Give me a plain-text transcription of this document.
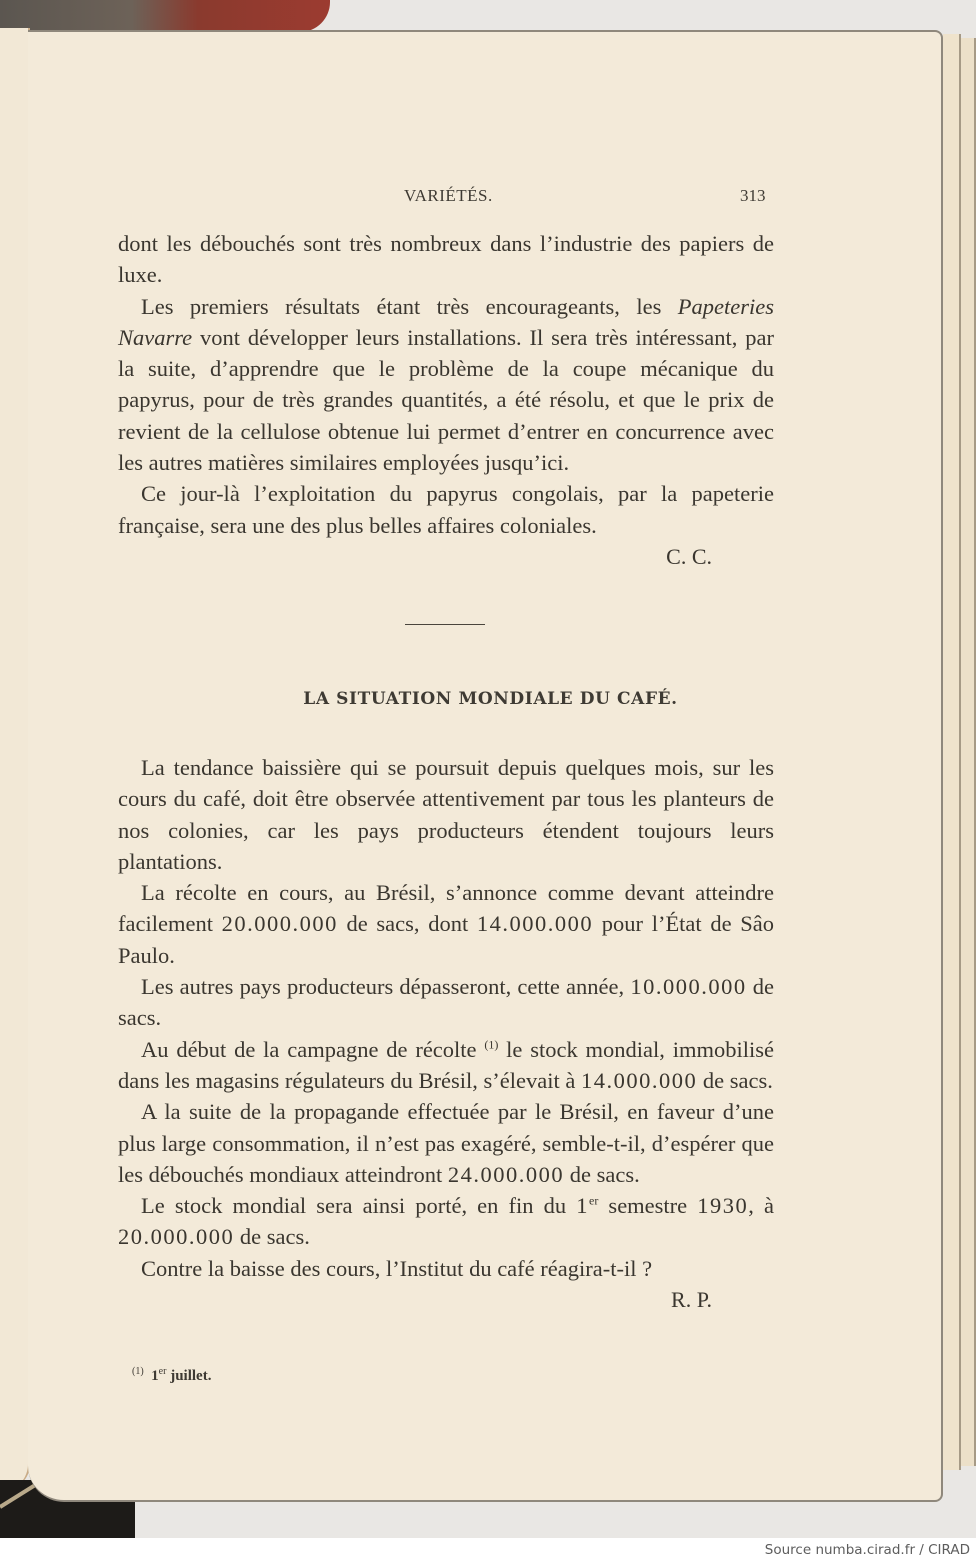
VARIÉTÉS.	313

dont les débouchés sont très nombreux dans l’industrie des papiers de luxe.

Les premiers résultats étant très encourageants, les Papeteries Navarre vont développer leurs installations. Il sera très intéressant, par la suite, d’apprendre que le problème de la coupe mécanique du papyrus, pour de très grandes quantités, a été résolu, et que le prix de revient de la cellulose obtenue lui permet d’entrer en concurrence avec les autres matières similaires employées jusqu’ici.

Ce jour-là l’exploitation du papyrus congolais, par la papeterie française, sera une des plus belles affaires coloniales.

C. C.
LA SITUATION MONDIALE DU CAFÉ.

La tendance baissière qui se poursuit depuis quelques mois, sur les cours du café, doit être observée attentivement par tous les planteurs de nos colonies, car les pays producteurs étendent toujours leurs plantations.

La récolte en cours, au Brésil, s’annonce comme devant atteindre facilement 20.000.000 de sacs, dont 14.000.000 pour l’État de Sâo Paulo.

Les autres pays producteurs dépasseront, cette année, 10.000.000 de sacs.

Au début de la campagne de récolte $^{(1)}$ le stock mondial, immobilisé dans les magasins régulateurs du Brésil, s’élevait à 14.000.000 de sacs.

A la suite de la propagande effectuée par le Brésil, en faveur d’une plus large consommation, il n’est pas exagéré, semble-t-il, d’espérer que les débouchés mondiaux atteindront 24.000.000 de sacs.

Le stock mondial sera ainsi porté, en fin du 1er semestre 1930, à 20.000.000 de sacs.

Contre la baisse des cours, l’Institut du café réagira-t-il ?

R. P.
$^{(1)}$ 1er juillet.
Source numba.cirad.fr / CIRAD
